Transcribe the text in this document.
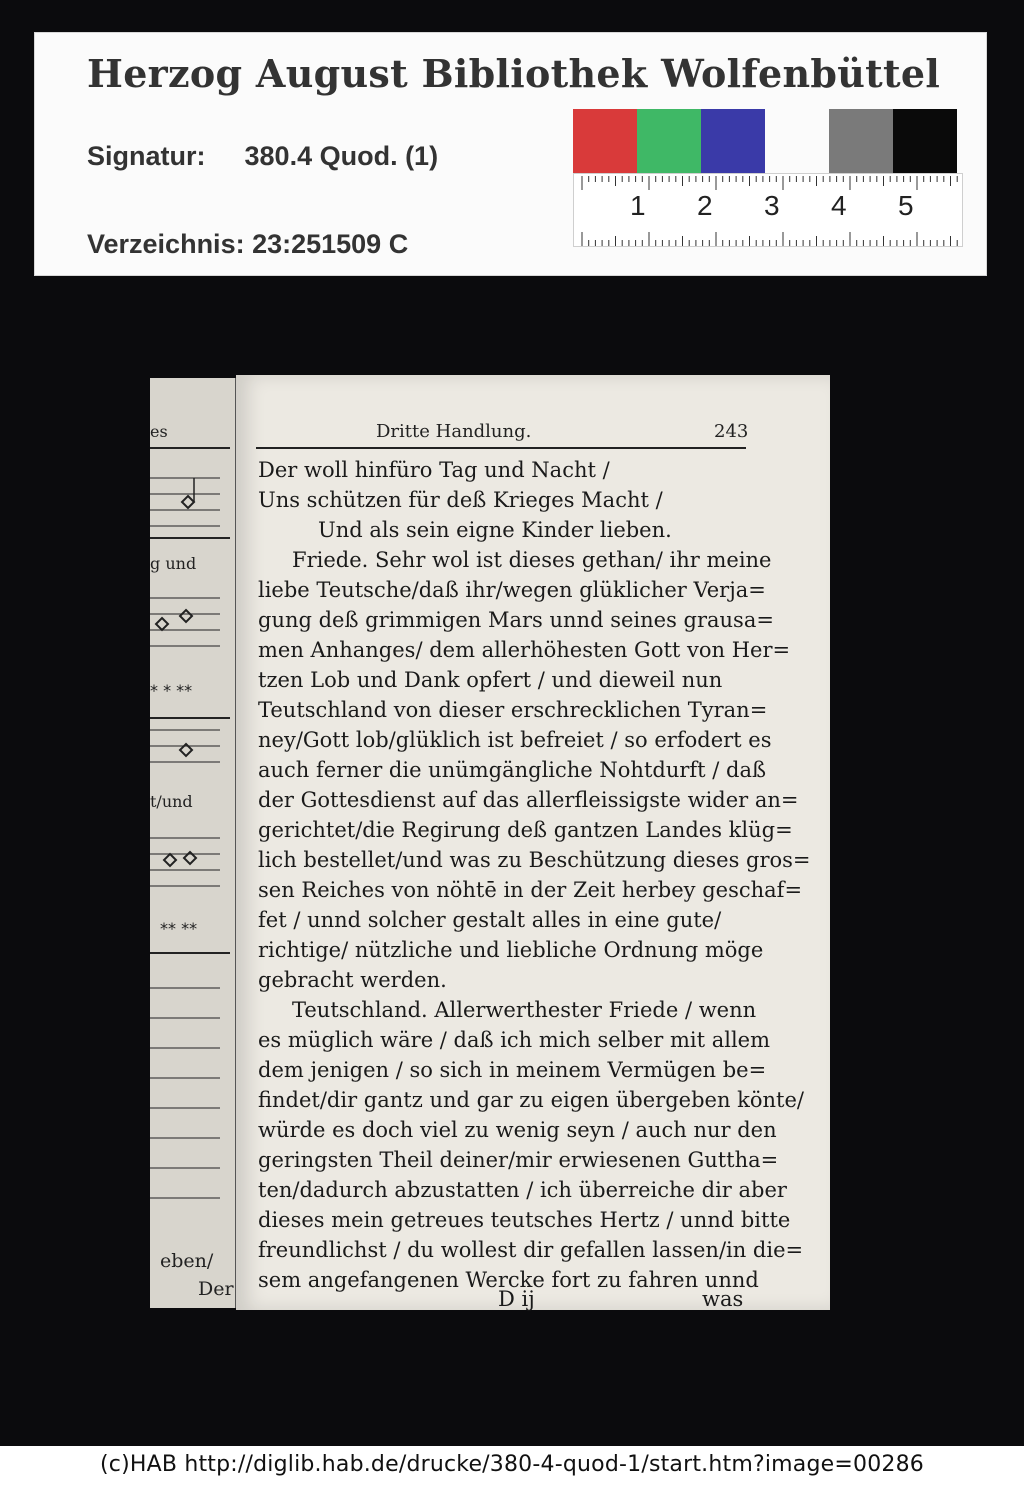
Herzog August Bibliothek Wolfenbüttel
Signatur: 380.4 Quod. (1)
Verzeichnis: 23:251509 C
1 2 3 4 5
* * **
** **
es
g und
t/und
eben/
Der
Dritte Handlung.	243
Der woll hinfüro Tag und Nacht /
Uns schützen für deß Krieges Macht /
Und als sein eigne Kinder lieben.
Friede. Sehr wol ist dieses gethan/ ihr meine
liebe Teutsche/daß ihr/wegen glüklicher Verja=
gung deß grimmigen Mars unnd seines grausa=
men Anhanges/ dem allerhöhesten Gott von Her=
tzen Lob und Dank opfert / und dieweil nun
Teutschland von dieser erschrecklichen Tyran=
ney/Gott lob/glüklich ist befreiet / so erfodert es
auch ferner die unümgängliche Nohtdurft / daß
der Gottesdienst auf das allerfleissigste wider an=
gerichtet/die Regirung deß gantzen Landes klüg=
lich bestellet/und was zu Beschützung dieses gros=
sen Reiches von nöhtē in der Zeit herbey geschaf=
fet / unnd solcher gestalt alles in eine gute/
richtige/ nützliche und liebliche Ordnung möge
gebracht werden.
Teutschland. Allerwerthester Friede / wenn
es müglich wäre / daß ich mich selber mit allem
dem jenigen / so sich in meinem Vermügen be=
findet/dir gantz und gar zu eigen übergeben könte/
würde es doch viel zu wenig seyn / auch nur den
geringsten Theil deiner/mir erwiesenen Guttha=
ten/dadurch abzustatten / ich überreiche dir aber
dieses mein getreues teutsches Hertz / unnd bitte
freundlichst / du wollest dir gefallen lassen/in die=
sem angefangenen Wercke fort zu fahren unnd
D ij	was
(c)HAB http://diglib.hab.de/drucke/380-4-quod-1/start.htm?image=00286
